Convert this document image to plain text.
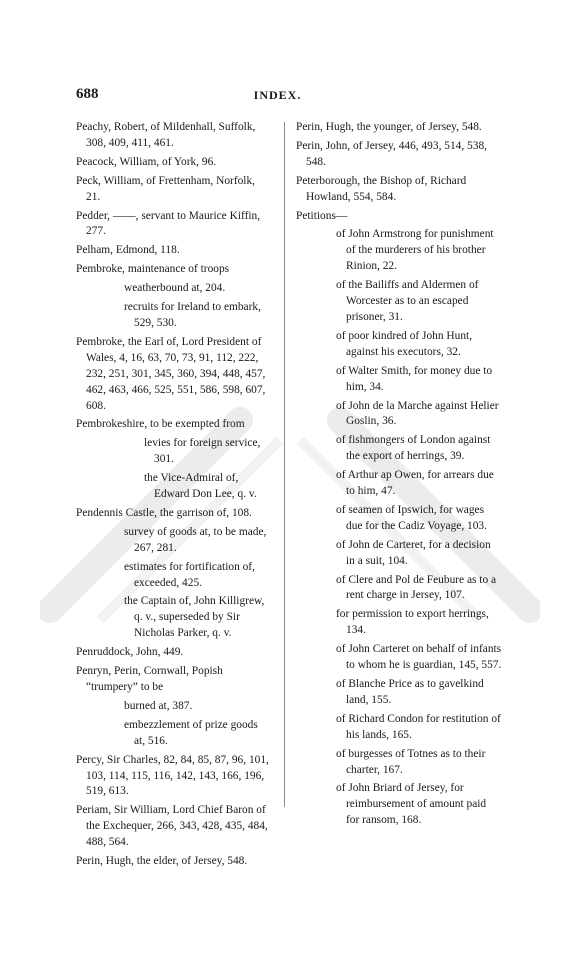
688	INDEX.

Peachy, Robert, of Mildenhall, Suffolk, 308, 409, 411, 461.

Peacock, William, of York, 96.

Peck, William, of Frettenham, Norfolk, 21.

Pedder, ——, servant to Maurice Kiffin, 277.

Pelham, Edmond, 118.

Pembroke, maintenance of troops

weatherbound at, 204.

recruits for Ireland to embark, 529, 530.

Pembroke, the Earl of, Lord President of Wales, 4, 16, 63, 70, 73, 91, 112, 222, 232, 251, 301, 345, 360, 394, 448, 457, 462, 463, 466, 525, 551, 586, 598, 607, 608.

Pembrokeshire, to be exempted from

levies for foreign service, 301.

the Vice-Admiral of, Edward Don Lee, q. v.

Pendennis Castle, the garrison of, 108.

survey of goods at, to be made, 267, 281.

estimates for fortification of, exceeded, 425.

the Captain of, John Killigrew, q. v., superseded by Sir Nicholas Parker, q. v.

Penruddock, John, 449.

Penryn, Perin, Cornwall, Popish “trumpery” to be

burned at, 387.

embezzlement of prize goods at, 516.

Percy, Sir Charles, 82, 84, 85, 87, 96, 101, 103, 114, 115, 116, 142, 143, 166, 196, 519, 613.

Periam, Sir William, Lord Chief Baron of the Exchequer, 266, 343, 428, 435, 484, 488, 564.

Perin, Hugh, the elder, of Jersey, 548.

Perin, Hugh, the younger, of Jersey, 548.

Perin, John, of Jersey, 446, 493, 514, 538, 548.

Peterborough, the Bishop of, Richard Howland, 554, 584.

Petitions—

of John Armstrong for punishment of the murderers of his brother Rinion, 22.

of the Bailiffs and Aldermen of Worcester as to an escaped prisoner, 31.

of poor kindred of John Hunt, against his executors, 32.

of Walter Smith, for money due to him, 34.

of John de la Marche against Helier Goslin, 36.

of fishmongers of London against the export of herrings, 39.

of Arthur ap Owen, for arrears due to him, 47.

of seamen of Ipswich, for wages due for the Cadiz Voyage, 103.

of John de Carteret, for a decision in a suit, 104.

of Clere and Pol de Feubure as to a rent charge in Jersey, 107.

for permission to export herrings, 134.

of John Carteret on behalf of infants to whom he is guardian, 145, 557.

of Blanche Price as to gavelkind land, 155.

of Richard Condon for restitution of his lands, 165.

of burgesses of Totnes as to their charter, 167.

of John Briard of Jersey, for reimbursement of amount paid for ransom, 168.
